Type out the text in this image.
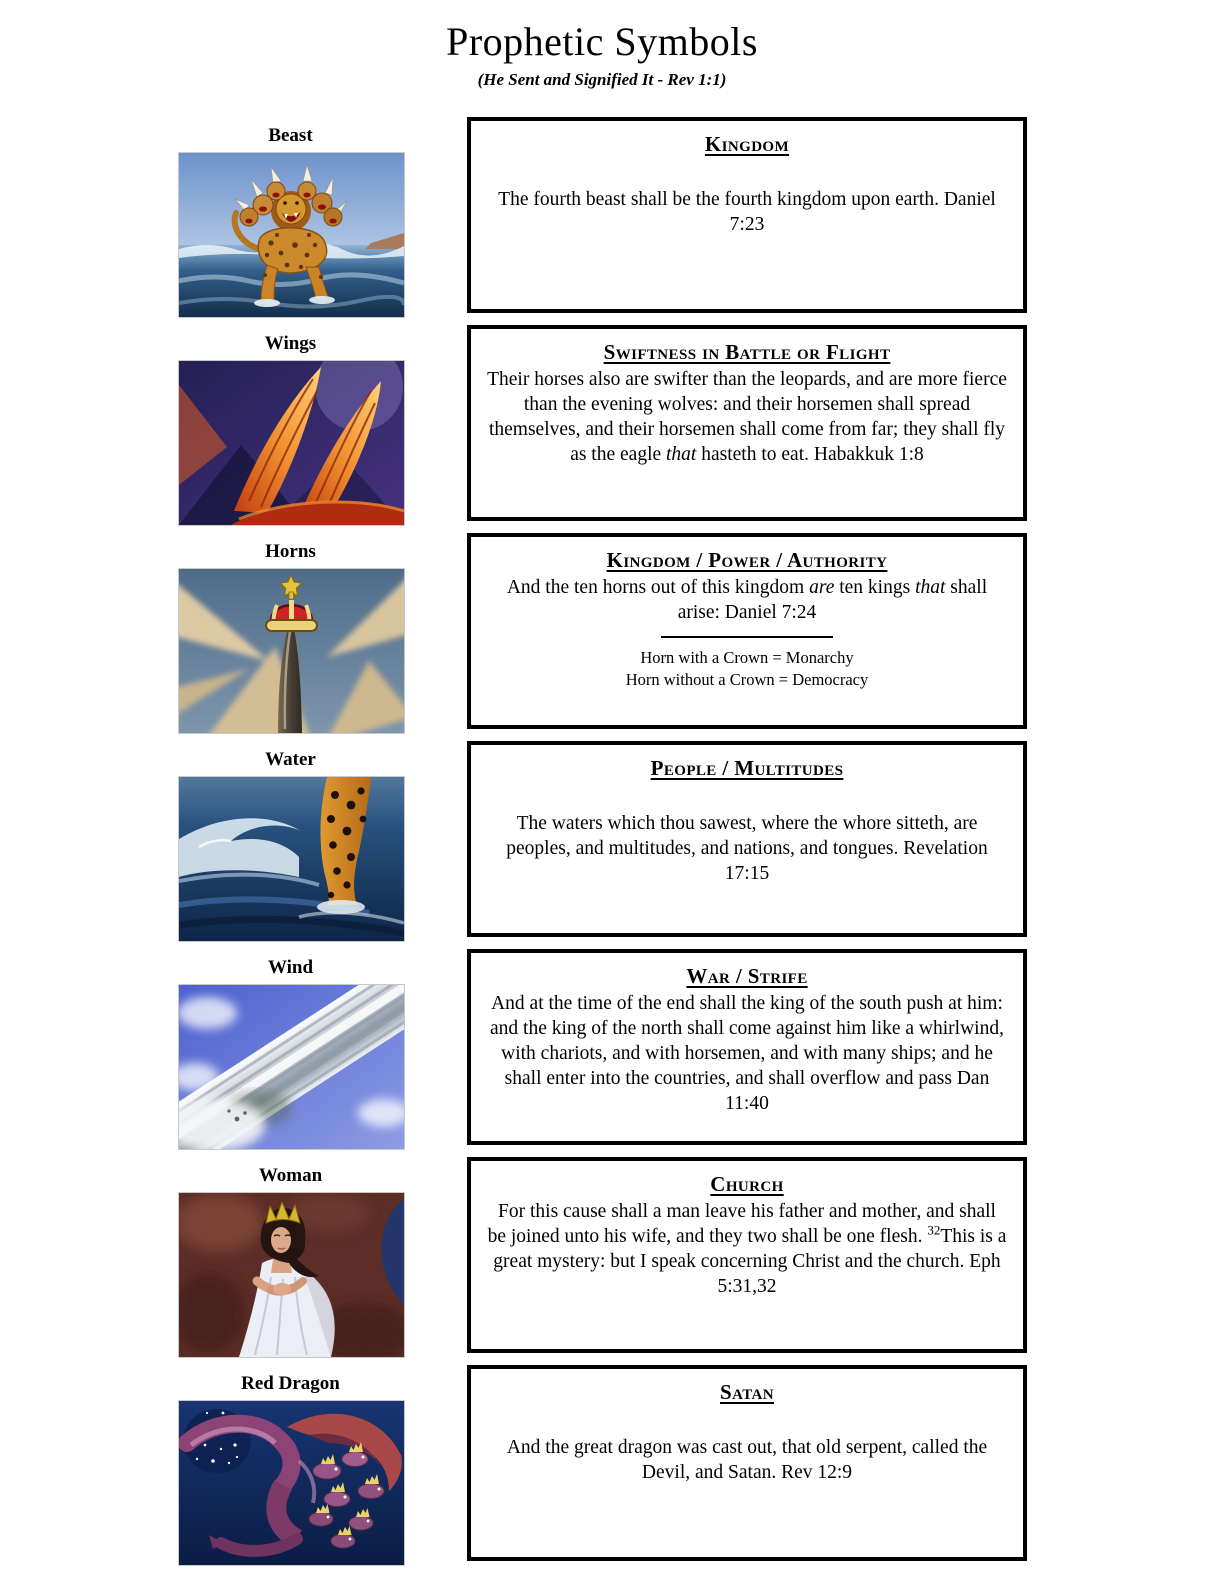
Prophetic Symbols
(He Sent and Signified It - Rev 1:1)
Beast	Kingdom

The fourth beast shall be the fourth kingdom upon earth. Daniel 7:23

Wings	Swiftness in Battle or Flight

Their horses also are swifter than the leopards, and are more fierce than the evening wolves: and their horsemen shall spread themselves, and their horsemen shall come from far; they shall fly as the eagle that hasteth to eat. Habakkuk 1:8

Horns	Kingdom / Power / Authority

And the ten horns out of this kingdom are ten kings that shall arise: Daniel 7:24

Horn with a Crown = Monarchy

Horn without a Crown = Democracy

Water	People / Multitudes

The waters which thou sawest, where the whore sitteth, are peoples, and multitudes, and nations, and tongues. Revelation 17:15

Wind	War / Strife

And at the time of the end shall the king of the south push at him: and the king of the north shall come against him like a whirlwind, with chariots, and with horsemen, and with many ships; and he shall enter into the countries, and shall overflow and pass Dan 11:40

Woman	Church

For this cause shall a man leave his father and mother, and shall be joined unto his wife, and they two shall be one flesh. $^{32}$This is a great mystery: but I speak concerning Christ and the church. Eph 5:31,32

Red Dragon	Satan

And the great dragon was cast out, that old serpent, called the Devil, and Satan. Rev 12:9
